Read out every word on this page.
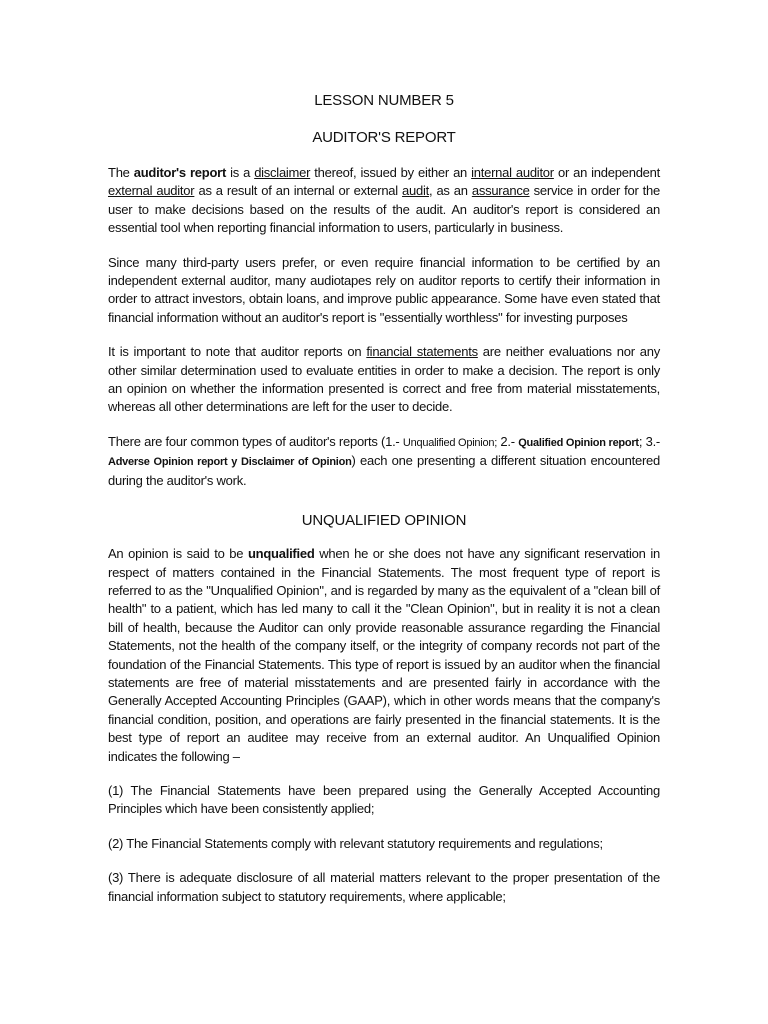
LESSON NUMBER 5
AUDITOR'S REPORT

The auditor's report is a disclaimer thereof, issued by either an internal auditor or an independent external auditor as a result of an internal or external audit, as an assurance service in order for the user to make decisions based on the results of the audit. An auditor's report is considered an essential tool when reporting financial information to users, particularly in business.

Since many third-party users prefer, or even require financial information to be certified by an independent external auditor, many audiotapes rely on auditor reports to certify their information in order to attract investors, obtain loans, and improve public appearance. Some have even stated that financial information without an auditor's report is "essentially worthless" for investing purposes

It is important to note that auditor reports on financial statements are neither evaluations nor any other similar determination used to evaluate entities in order to make a decision. The report is only an opinion on whether the information presented is correct and free from material misstatements, whereas all other determinations are left for the user to decide.

There are four common types of auditor's reports (1.- Unqualified Opinion; 2.- Qualified Opinion report; 3.-Adverse Opinion report y Disclaimer of Opinion) each one presenting a different situation encountered during the auditor's work.

UNQUALIFIED OPINION

An opinion is said to be unqualified when he or she does not have any significant reservation in respect of matters contained in the Financial Statements. The most frequent type of report is referred to as the "Unqualified Opinion", and is regarded by many as the equivalent of a "clean bill of health" to a patient, which has led many to call it the "Clean Opinion", but in reality it is not a clean bill of health, because the Auditor can only provide reasonable assurance regarding the Financial Statements, not the health of the company itself, or the integrity of company records not part of the foundation of the Financial Statements. This type of report is issued by an auditor when the financial statements are free of material misstatements and are presented fairly in accordance with the Generally Accepted Accounting Principles (GAAP), which in other words means that the company's financial condition, position, and operations are fairly presented in the financial statements. It is the best type of report an auditee may receive from an external auditor. An Unqualified Opinion indicates the following –

(1) The Financial Statements have been prepared using the Generally Accepted Accounting Principles which have been consistently applied;

(2) The Financial Statements comply with relevant statutory requirements and regulations;

(3) There is adequate disclosure of all material matters relevant to the proper presentation of the financial information subject to statutory requirements, where applicable;
